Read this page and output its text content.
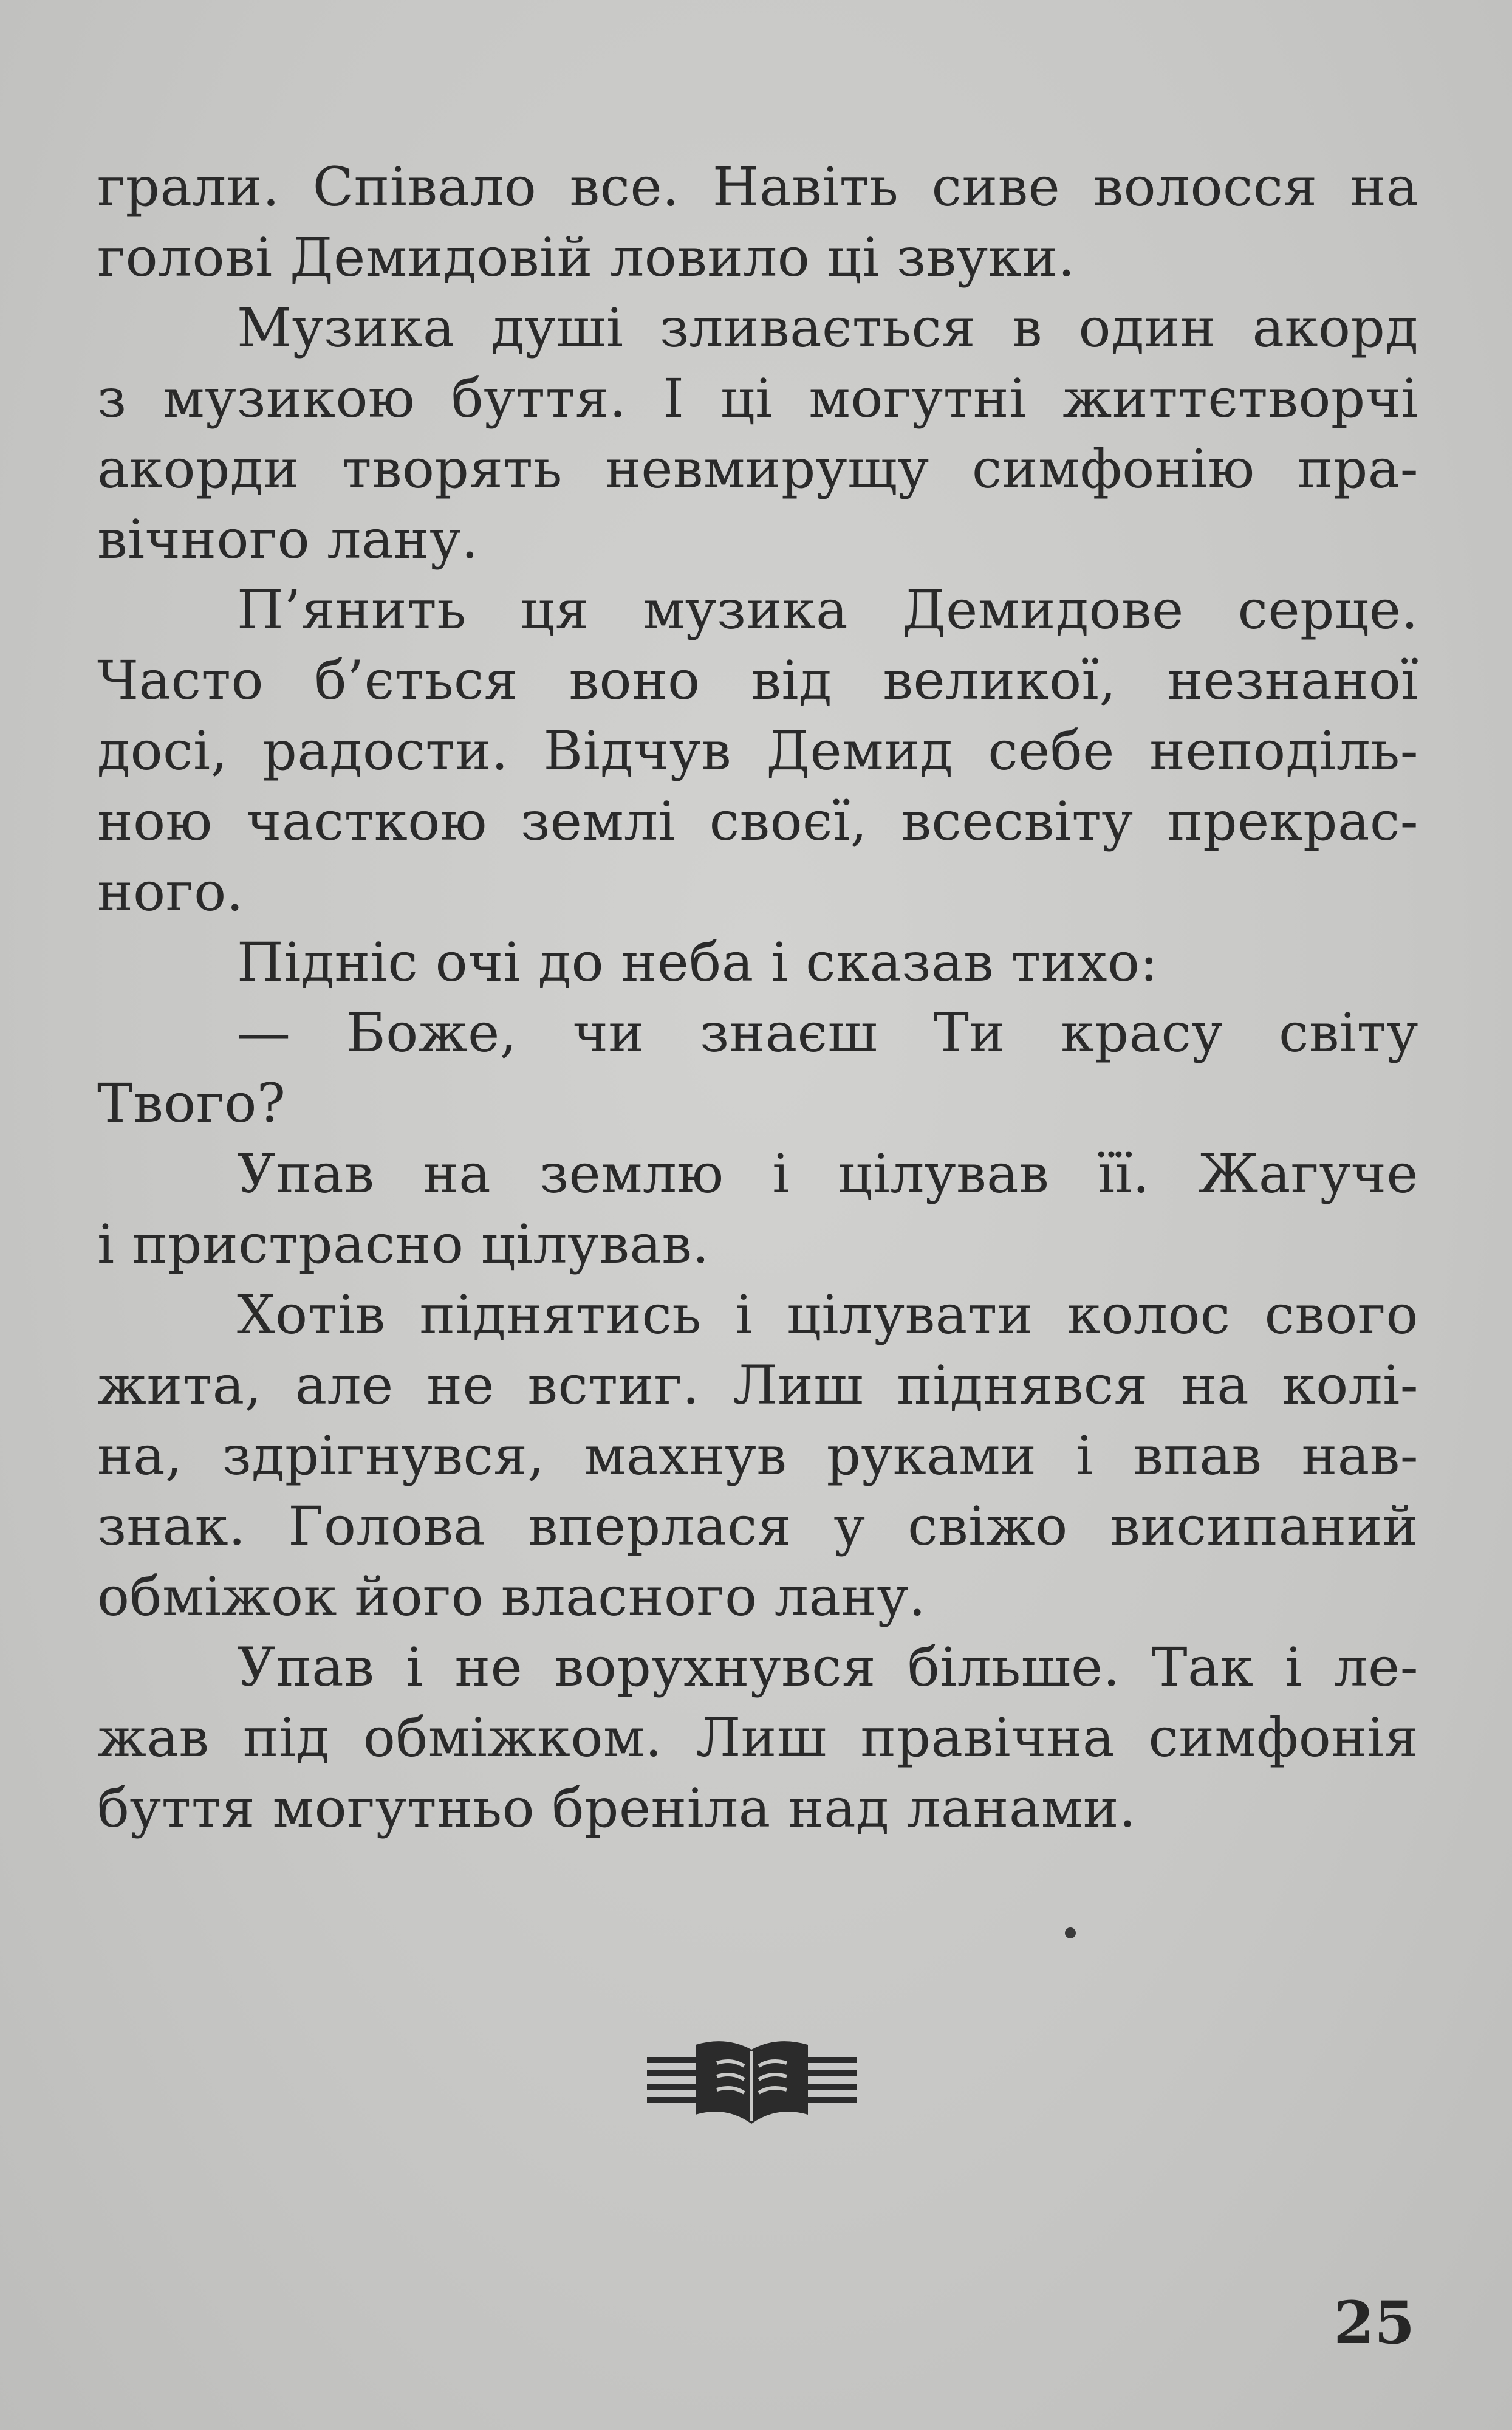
грали. Співало все. Навіть сиве волосся на
голові Демидовій ловило ці звуки.

Музика душі зливається в один акорд
з музикою буття. І ці могутні життєтворчі
акорди творять невмирущу симфонію пра-
вічного лану.

П’янить ця музика Демидове серце.
Часто б’ється воно від великої, незнаної
досі, радости. Відчув Демид себе неподіль-
ною часткою землі своєї, всесвіту прекрас-
ного.

Підніс очі до неба і сказав тихо:

— Боже, чи знаєш Ти красу світу
Твого?

Упав на землю і цілував її. Жагуче
і пристрасно цілував.

Хотів піднятись і цілувати колос свого
жита, але не встиг. Лиш піднявся на колі-
на, здрігнувся, махнув руками і впав нав-
знак. Голова вперлася у свіжо висипаний
обміжок його власного лану.

Упав і не ворухнувся більше. Так і ле-
жав під обміжком. Лиш правічна симфонія
буття могутньо бреніла над ланами.

25
